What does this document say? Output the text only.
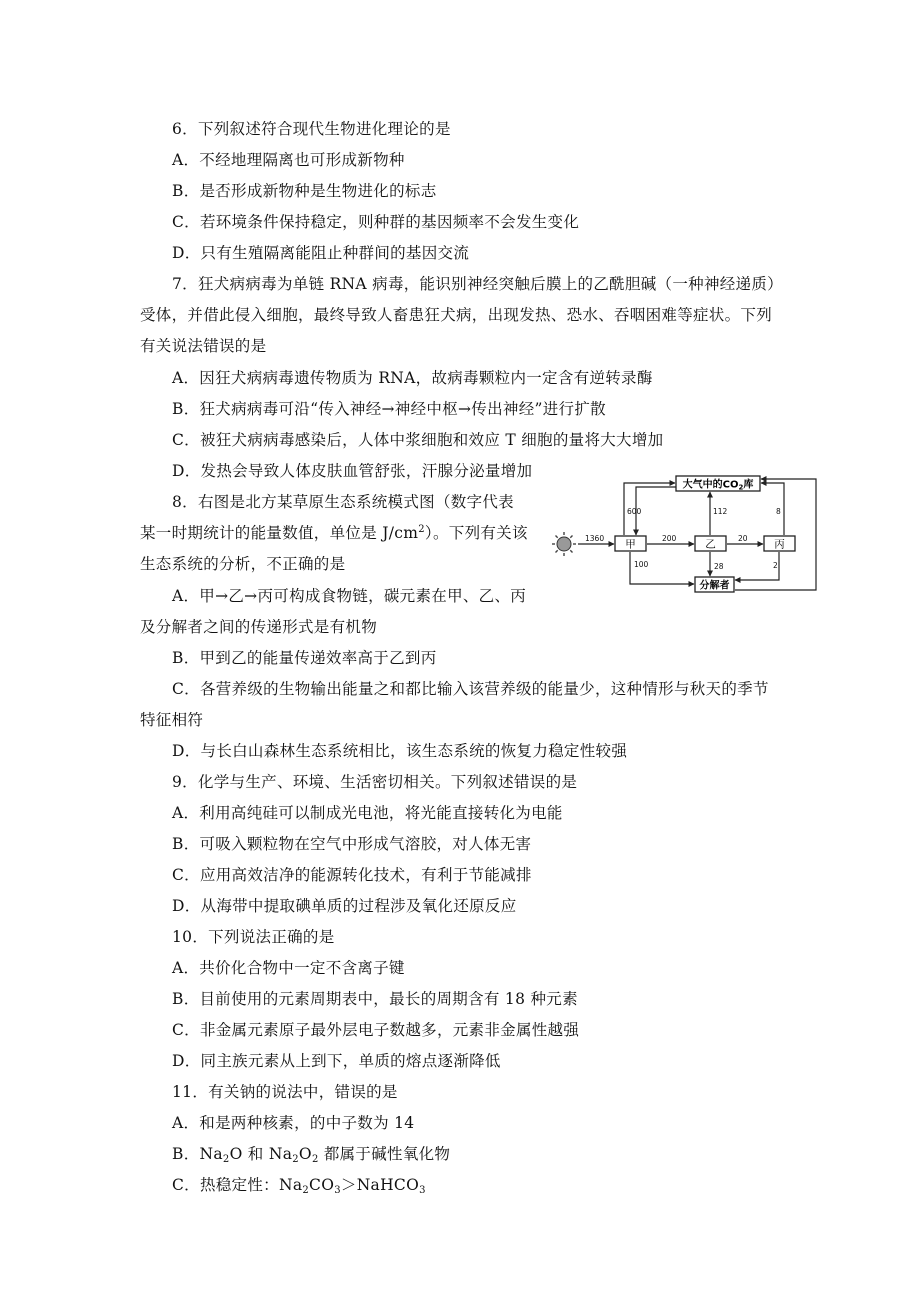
6．下列叙述符合现代生物进化理论的是
A．不经地理隔离也可形成新物种
B．是否形成新物种是生物进化的标志
C．若环境条件保持稳定，则种群的基因频率不会发生变化
D．只有生殖隔离能阻止种群间的基因交流
7．狂犬病病毒为单链 RNA 病毒，能识别神经突触后膜上的乙酰胆碱（一种神经递质）
受体，并借此侵入细胞，最终导致人畜患狂犬病，出现发热、恐水、吞咽困难等症状。下列
有关说法错误的是
A．因狂犬病病毒遗传物质为 RNA，故病毒颗粒内一定含有逆转录酶
B．狂犬病病毒可沿“传入神经→神经中枢→传出神经”进行扩散
C．被狂犬病病毒感染后，人体中浆细胞和效应 T 细胞的量将大大增加
D．发热会导致人体皮肤血管舒张，汗腺分泌量增加
8．右图是北方某草原生态系统模式图（数字代表
某一时期统计的能量数值，单位是 $J/cm^2$）。下列有关该
生态系统的分析，不正确的是
A．甲→乙→丙可构成食物链，碳元素在甲、乙、丙
及分解者之间的传递形式是有机物
B．甲到乙的能量传递效率高于乙到丙
C．各营养级的生物输出能量之和都比输入该营养级的能量少，这种情形与秋天的季节
特征相符
D．与长白山森林生态系统相比，该生态系统的恢复力稳定性较强
大气中的$CO_2$库
甲	乙	丙
分解者
1360
600
200
112
20
8
100	28	2
9．化学与生产、环境、生活密切相关。下列叙述错误的是
A．利用高纯硅可以制成光电池，将光能直接转化为电能
B．可吸入颗粒物在空气中形成气溶胶，对人体无害
C．应用高效洁净的能源转化技术，有利于节能减排
D．从海带中提取碘单质的过程涉及氧化还原反应
10．下列说法正确的是
A．共价化合物中一定不含离子键
B．目前使用的元素周期表中，最长的周期含有 18 种元素
C．非金属元素原子最外层电子数越多，元素非金属性越强
D．同主族元素从上到下，单质的熔点逐渐降低
11．有关钠的说法中，错误的是
A．和是两种核素，的中子数为 14
B．$Na_2O$ 和 $Na_2O_2$ 都属于碱性氧化物
C．热稳定性：$Na_2CO_3>NaHCO_3$
